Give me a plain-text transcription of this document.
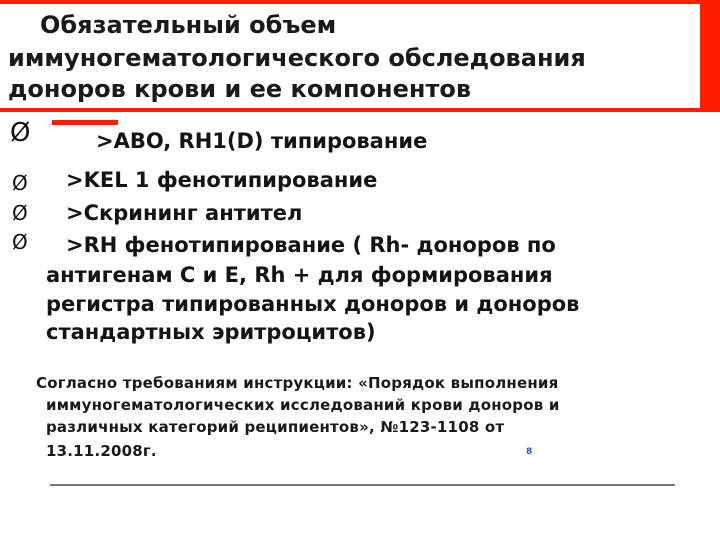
Обязательный объем
иммуногематологического обследования
доноров крови и ее компонентов
Ø	>ABO, RH1(D) типирование
Ø >KEL 1 фенотипирование
Ø >Скрининг антител
Ø >RH фенотипирование ( Rh- доноров по
антигенам С и Е, Rh + для формирования
регистра типированных доноров и доноров
стандартных эритроцитов)
Согласно требованиям инструкции: «Порядок выполнения
иммуногематологических исследований крови доноров и
различных категорий реципиентов», №123-1108 от
13.11.2008г.	8
